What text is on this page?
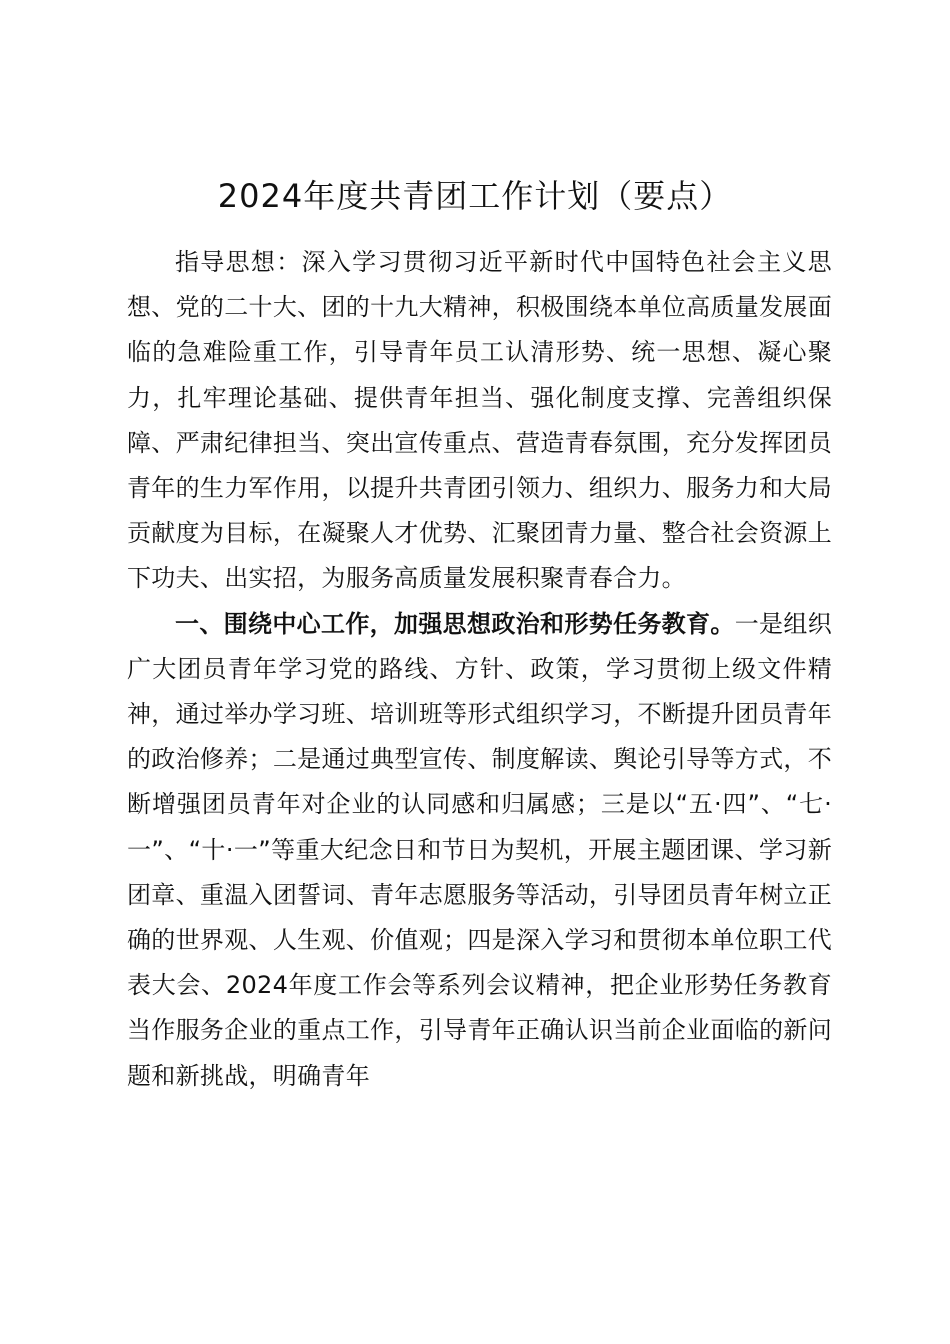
2024年度共青团工作计划（要点）

指导思想：深入学习贯彻习近平新时代中国特色社会主义思想、党的二十大、团的十九大精神，积极围绕本单位高质量发展面临的急难险重工作，引导青年员工认清形势、统一思想、凝心聚力，扎牢理论基础、提供青年担当、强化制度支撑、完善组织保障、严肃纪律担当、突出宣传重点、营造青春氛围，充分发挥团员青年的生力军作用，以提升共青团引领力、组织力、服务力和大局贡献度为目标，在凝聚人才优势、汇聚团青力量、整合社会资源上下功夫、出实招，为服务高质量发展积聚青春合力。

一、围绕中心工作，加强思想政治和形势任务教育。一是组织广大团员青年学习党的路线、方针、政策，学习贯彻上级文件精神，通过举办学习班、培训班等形式组织学习，不断提升团员青年的政治修养；二是通过典型宣传、制度解读、舆论引导等方式，不断增强团员青年对企业的认同感和归属感；三是以“五·四”、“七·一”、“十·一”等重大纪念日和节日为契机，开展主题团课、学习新团章、重温入团誓词、青年志愿服务等活动，引导团员青年树立正确的世界观、人生观、价值观；四是深入学习和贯彻本单位职工代表大会、2024年度工作会等系列会议精神，把企业形势任务教育当作服务企业的重点工作，引导青年正确认识当前企业面临的新问题和新挑战，明确青年
